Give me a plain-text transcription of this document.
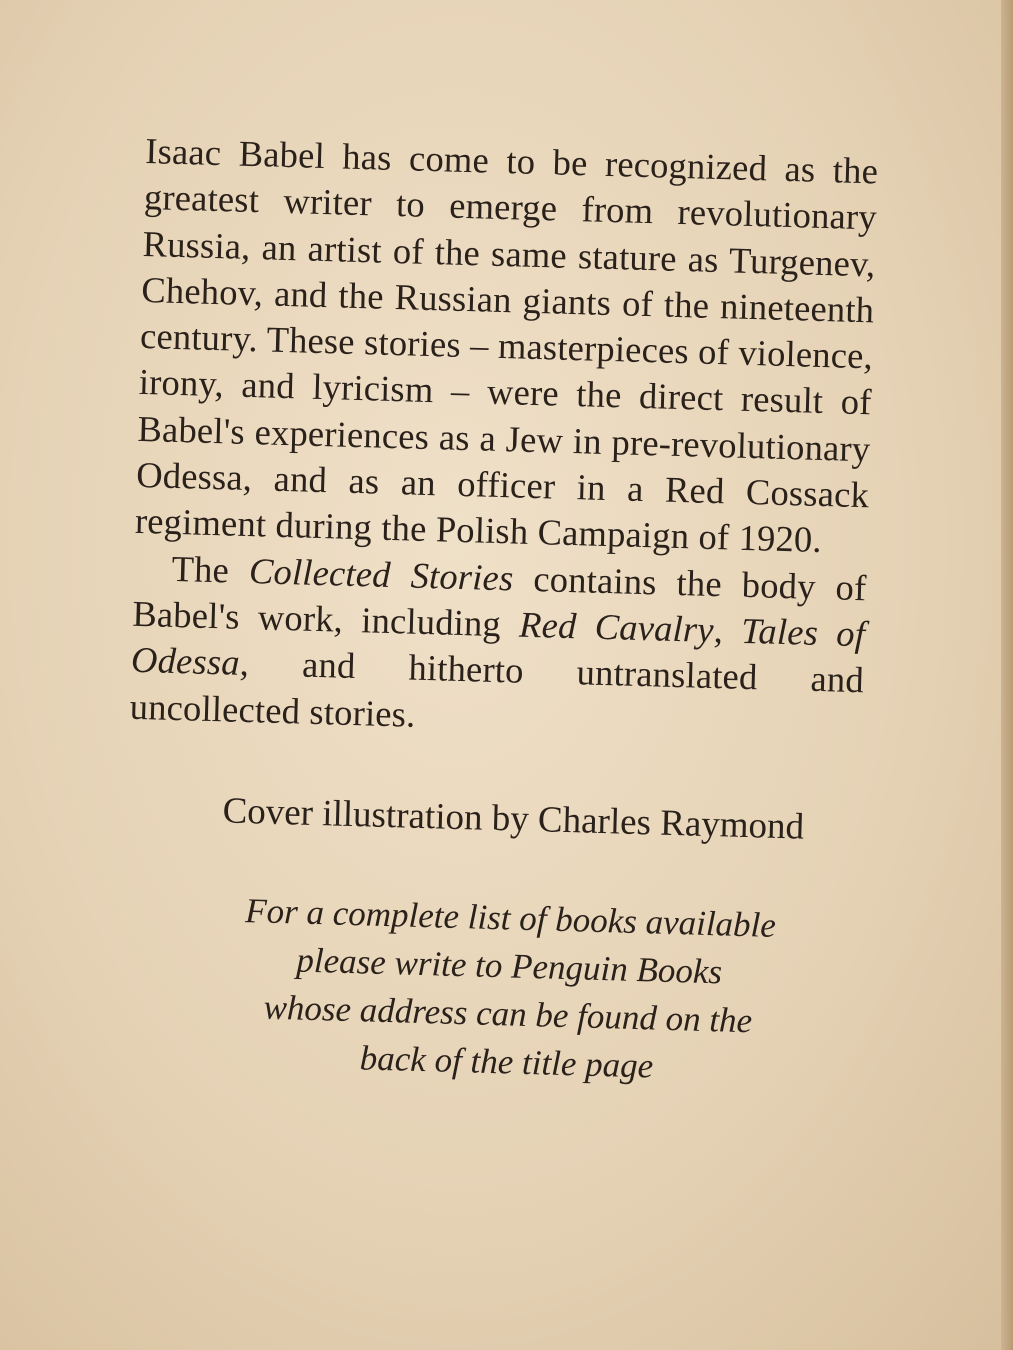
Isaac Babel has come to be recognized as the greatest writer to emerge from revolutionary Russia, an artist of the same stature as Turgenev, Chehov, and the Russian giants of the nineteenth century. These stories – masterpieces of violence, irony, and lyricism – were the direct result of Babel's experiences as a Jew in pre-revolutionary Odessa, and as an officer in a Red Cossack regiment during the Polish Campaign of 1920.

The Collected Stories contains the body of Babel's work, including Red Cavalry, Tales of Odessa, and hitherto untranslated and uncollected stories.

Cover illustration by Charles Raymond
For a complete list of books available
please write to Penguin Books
whose address can be found on the
back of the title page
